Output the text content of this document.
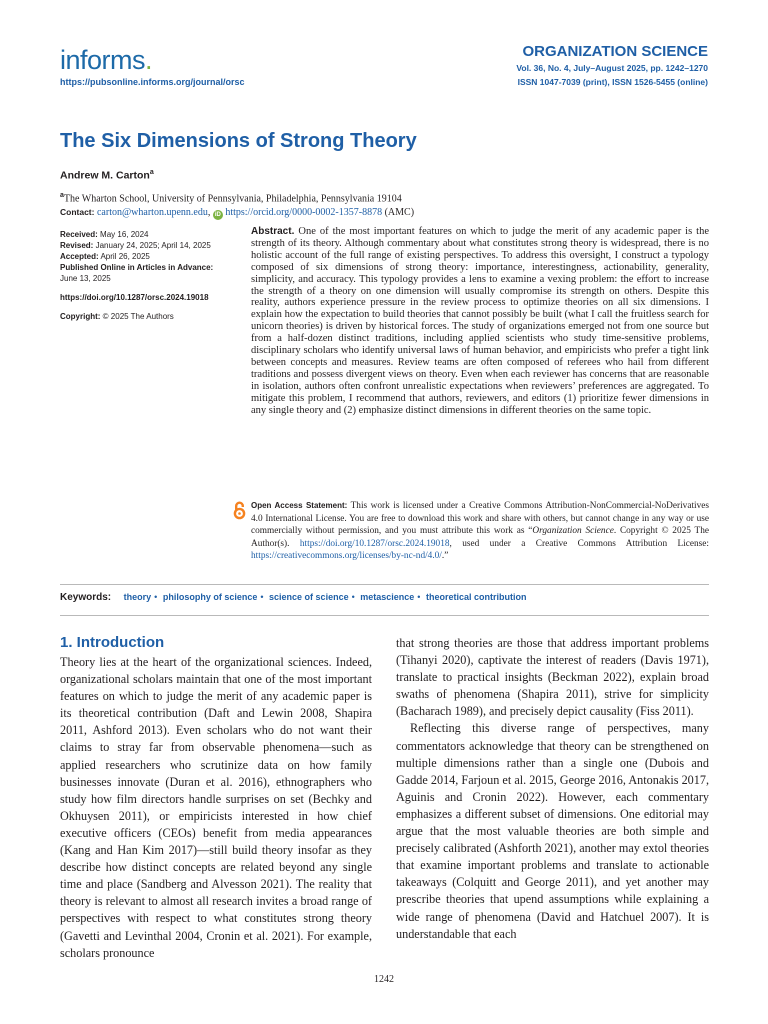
informs.
https://pubsonline.informs.org/journal/orsc
ORGANIZATION SCIENCE
Vol. 36, No. 4, July–August 2025, pp. 1242–1270
ISSN 1047-7039 (print), ISSN 1526-5455 (online)
The Six Dimensions of Strong Theory
Andrew M. Carton$^a$
$^a$The Wharton School, University of Pennsylvania, Philadelphia, Pennsylvania 19104
Contact: carton@wharton.upenn.edu, iD https://orcid.org/0000-0002-1357-8878 (AMC)

Received: May 16, 2024

Revised: January 24, 2025; April 14, 2025

Accepted: April 26, 2025

Published Online in Articles in Advance:
June 13, 2025

https://doi.org/10.1287/orsc.2024.19018

Copyright: © 2025 The Authors

Abstract. One of the most important features on which to judge the merit of any academic paper is the strength of its theory. Although commentary about what constitutes strong theory is widespread, there is no holistic account of the full range of existing perspectives. To address this oversight, I construct a typology composed of six dimensions of strong theory: importance, interestingness, actionability, generality, simplicity, and accuracy. This typology provides a lens to examine a vexing problem: the effort to increase the strength of a theory on one dimension will usually compromise its strength on others. Despite this reality, authors experience pressure in the review process to optimize theories on all six dimensions. I explain how the expectation to build theories that cannot possibly be built (what I call the fruitless search for unicorn theories) is driven by historical forces. The study of organizations emerged not from one source but from a half-dozen distinct traditions, including applied scientists who study time-sensitive problems, disciplinary scholars who identify universal laws of human behavior, and empiricists who prefer a tight link between concepts and measures. Review teams are often composed of referees who hail from different traditions and possess divergent views on theory. Even when each reviewer has concerns that are reasonable in isolation, authors often confront unrealistic expectations when reviewers’ preferences are aggregated. To mitigate this problem, I recommend that authors, reviewers, and editors (1) prioritize fewer dimensions in any single theory and (2) emphasize distinct dimensions in different theories on the same topic.
Open Access Statement: This work is licensed under a Creative Commons Attribution-NonCommercial-NoDerivatives 4.0 International License. You are free to download this work and share with others, but cannot change in any way or use commercially without permission, and you must attribute this work as “Organization Science. Copyright © 2025 The Author(s). https://doi.org/10.1287/orsc.2024.19018, used under a Creative Commons Attribution License: https://creativecommons.org/licenses/by-nc-nd/4.0/.”
Keywords: theory • philosophy of science • science of science • metascience • theoretical contribution
1. Introduction

Theory lies at the heart of the organizational sciences. Indeed, organizational scholars maintain that one of the most important features on which to judge the merit of any academic paper is its theoretical contribution (Daft and Lewin 2008, Shapira 2011, Ashford 2013). Even scholars who do not want their claims to stray far from observable phenomena—such as applied researchers who scrutinize data on how family businesses innovate (Duran et al. 2016), ethnographers who study how film directors handle surprises on set (Bechky and Okhuysen 2011), or empiricists interested in how chief executive officers (CEOs) benefit from media appearances (Kang and Han Kim 2017)—still build theory insofar as they describe how distinct concepts are related beyond any single time and place (Sandberg and Alvesson 2021). The reality that theory is relevant to almost all research invites a broad range of perspectives with respect to what constitutes strong theory (Gavetti and Levinthal 2004, Cronin et al. 2021). For example, scholars pronounce

that strong theories are those that address important problems (Tihanyi 2020), captivate the interest of readers (Davis 1971), translate to practical insights (Beckman 2022), explain broad swaths of phenomena (Shapira 2011), strive for simplicity (Bacharach 1989), and precisely depict causality (Fiss 2011).

Reflecting this diverse range of perspectives, many commentators acknowledge that theory can be strengthened on multiple dimensions rather than a single one (Dubois and Gadde 2014, Farjoun et al. 2015, George 2016, Antonakis 2017, Aguinis and Cronin 2022). However, each commentary emphasizes a different subset of dimensions. One editorial may argue that the most valuable theories are both simple and precisely calibrated (Ashforth 2021), another may extol theories that examine important problems and translate to actionable takeaways (Colquitt and George 2011), and yet another may prescribe theories that upend assumptions while explaining a wide range of phenomena (David and Hatchuel 2007). It is understandable that each

1242
